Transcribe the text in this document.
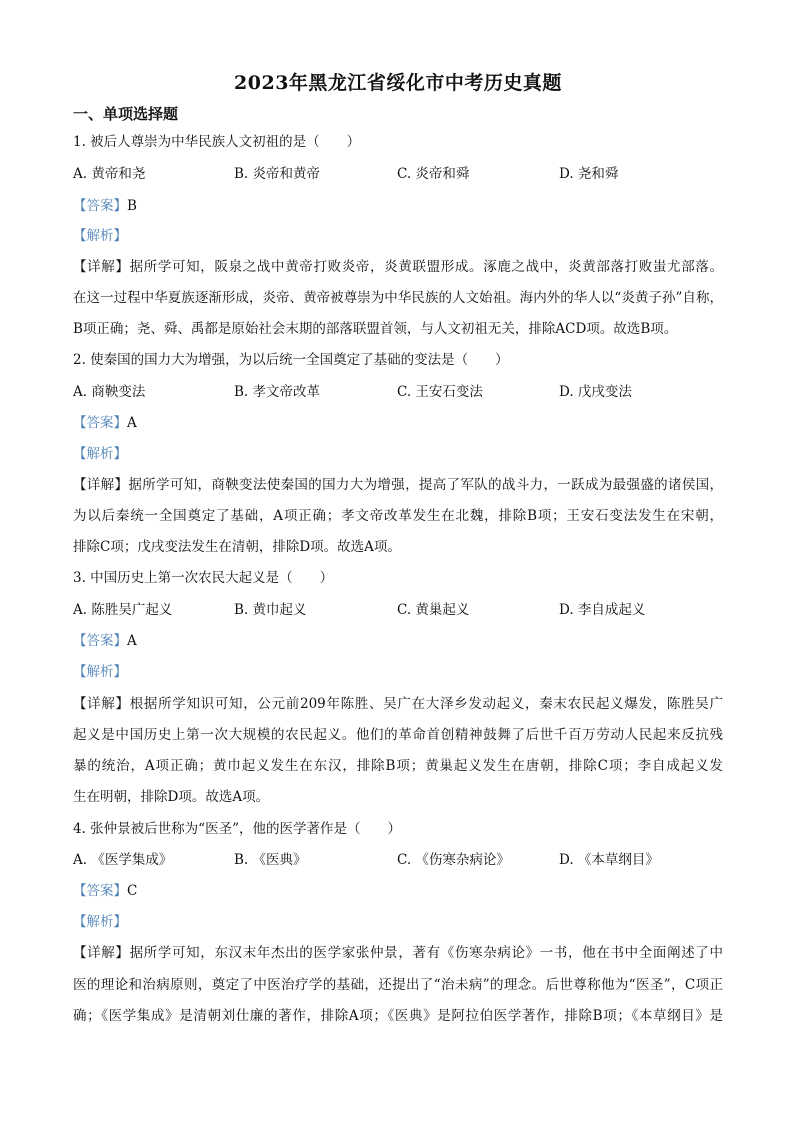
2023年黑龙江省绥化市中考历史真题
一、单项选择题
1. 被后人尊崇为中华民族人文初祖的是（　　）
A. 黄帝和尧	B. 炎帝和黄帝	C. 炎帝和舜	D. 尧和舜
【答案】B
【解析】
【详解】据所学可知，阪泉之战中黄帝打败炎帝，炎黄联盟形成。涿鹿之战中，炎黄部落打败蚩尤部落。
在这一过程中华夏族逐渐形成，炎帝、黄帝被尊崇为中华民族的人文始祖。海内外的华人以“炎黄子孙”自称，
B项正确；尧、舜、禹都是原始社会末期的部落联盟首领，与人文初祖无关，排除ACD项。故选B项。
2. 使秦国的国力大为增强，为以后统一全国奠定了基础的变法是（　　）
A. 商鞅变法	B. 孝文帝改革	C. 王安石变法	D. 戊戌变法
【答案】A
【解析】
【详解】据所学可知，商鞅变法使秦国的国力大为增强，提高了军队的战斗力，一跃成为最强盛的诸侯国，
为以后秦统一全国奠定了基础，A项正确；孝文帝改革发生在北魏，排除B项；王安石变法发生在宋朝，
排除C项；戊戌变法发生在清朝，排除D项。故选A项。
3. 中国历史上第一次农民大起义是（　　）
A. 陈胜吴广起义	B. 黄巾起义	C. 黄巢起义	D. 李自成起义
【答案】A
【解析】
【详解】根据所学知识可知，公元前209年陈胜、吴广在大泽乡发动起义，秦末农民起义爆发，陈胜吴广
起义是中国历史上第一次大规模的农民起义。他们的革命首创精神鼓舞了后世千百万劳动人民起来反抗残
暴的统治，A项正确；黄巾起义发生在东汉，排除B项；黄巢起义发生在唐朝，排除C项；李自成起义发
生在明朝，排除D项。故选A项。
4. 张仲景被后世称为“医圣”，他的医学著作是（　　）
A. 《医学集成》	B. 《医典》	C. 《伤寒杂病论》	D. 《本草纲目》
【答案】C
【解析】
【详解】据所学可知，东汉末年杰出的医学家张仲景，著有《伤寒杂病论》一书，他在书中全面阐述了中
医的理论和治病原则，奠定了中医治疗学的基础，还提出了“治未病”的理念。后世尊称他为“医圣”，C项正
确；《医学集成》是清朝刘仕廉的著作，排除A项；《医典》是阿拉伯医学著作，排除B项；《本草纲目》是
